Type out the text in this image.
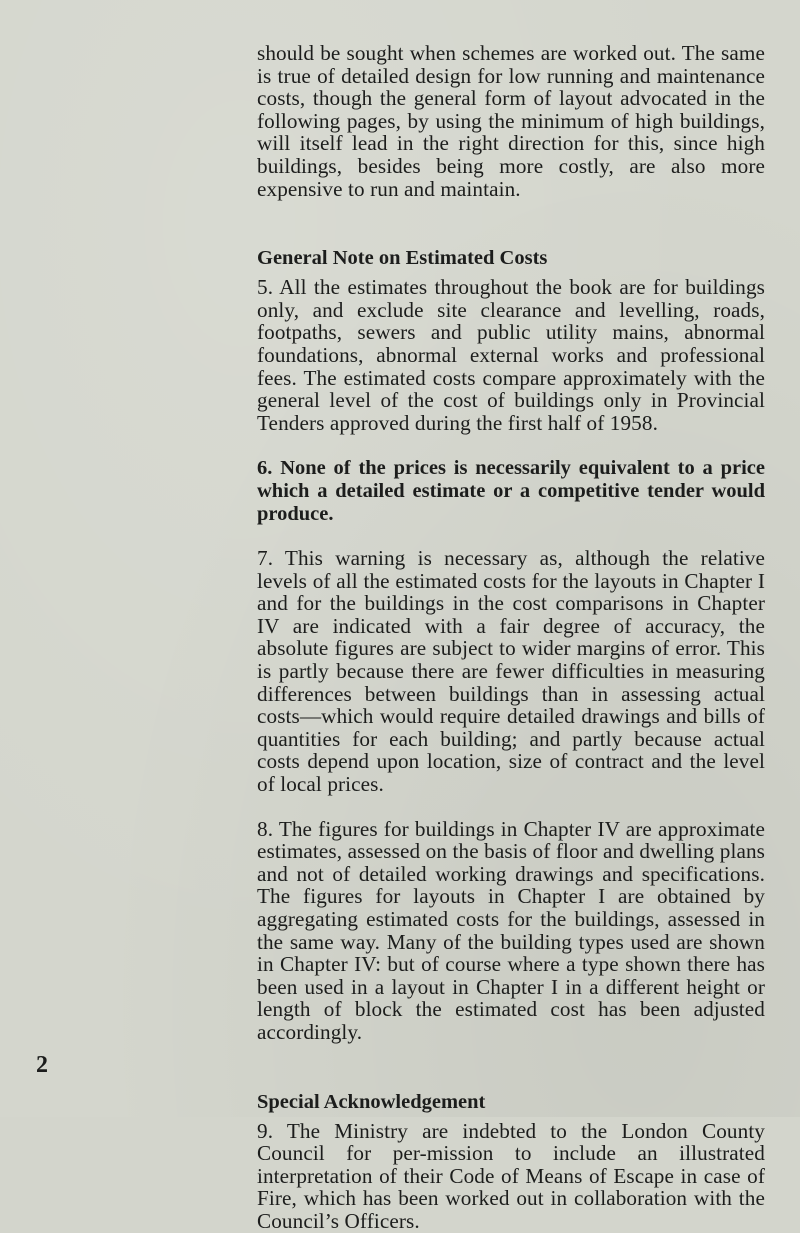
should be sought when schemes are worked out. The same is true of detailed design for low running and maintenance costs, though the general form of layout advocated in the following pages, by using the minimum of high buildings, will itself lead in the right direction for this, since high buildings, besides being more costly, are also more expensive to run and maintain.

General Note on Estimated Costs

5. All the estimates throughout the book are for buildings only, and exclude site clearance and levelling, roads, footpaths, sewers and public utility mains, abnormal foundations, abnormal external works and professional fees. The estimated costs compare approximately with the general level of the cost of buildings only in Provincial Tenders approved during the first half of 1958.

6. None of the prices is necessarily equivalent to a price which a detailed estimate or a competitive tender would produce.

7. This warning is necessary as, although the relative levels of all the estimated costs for the layouts in Chapter I and for the buildings in the cost comparisons in Chapter IV are indicated with a fair degree of accuracy, the absolute figures are subject to wider margins of error. This is partly because there are fewer difficulties in measuring differences between buildings than in assessing actual costs—which would require detailed drawings and bills of quantities for each building; and partly because actual costs depend upon location, size of contract and the level of local prices.

8. The figures for buildings in Chapter IV are approximate estimates, assessed on the basis of floor and dwelling plans and not of detailed working drawings and specifications. The figures for layouts in Chapter I are obtained by aggregating estimated costs for the buildings, assessed in the same way. Many of the building types used are shown in Chapter IV: but of course where a type shown there has been used in a layout in Chapter I in a different height or length of block the estimated cost has been adjusted accordingly.

Special Acknowledgement

9. The Ministry are indebted to the London County Council for per-mission to include an illustrated interpretation of their Code of Means of Escape in case of Fire, which has been worked out in collaboration with the Council’s Officers.

2
